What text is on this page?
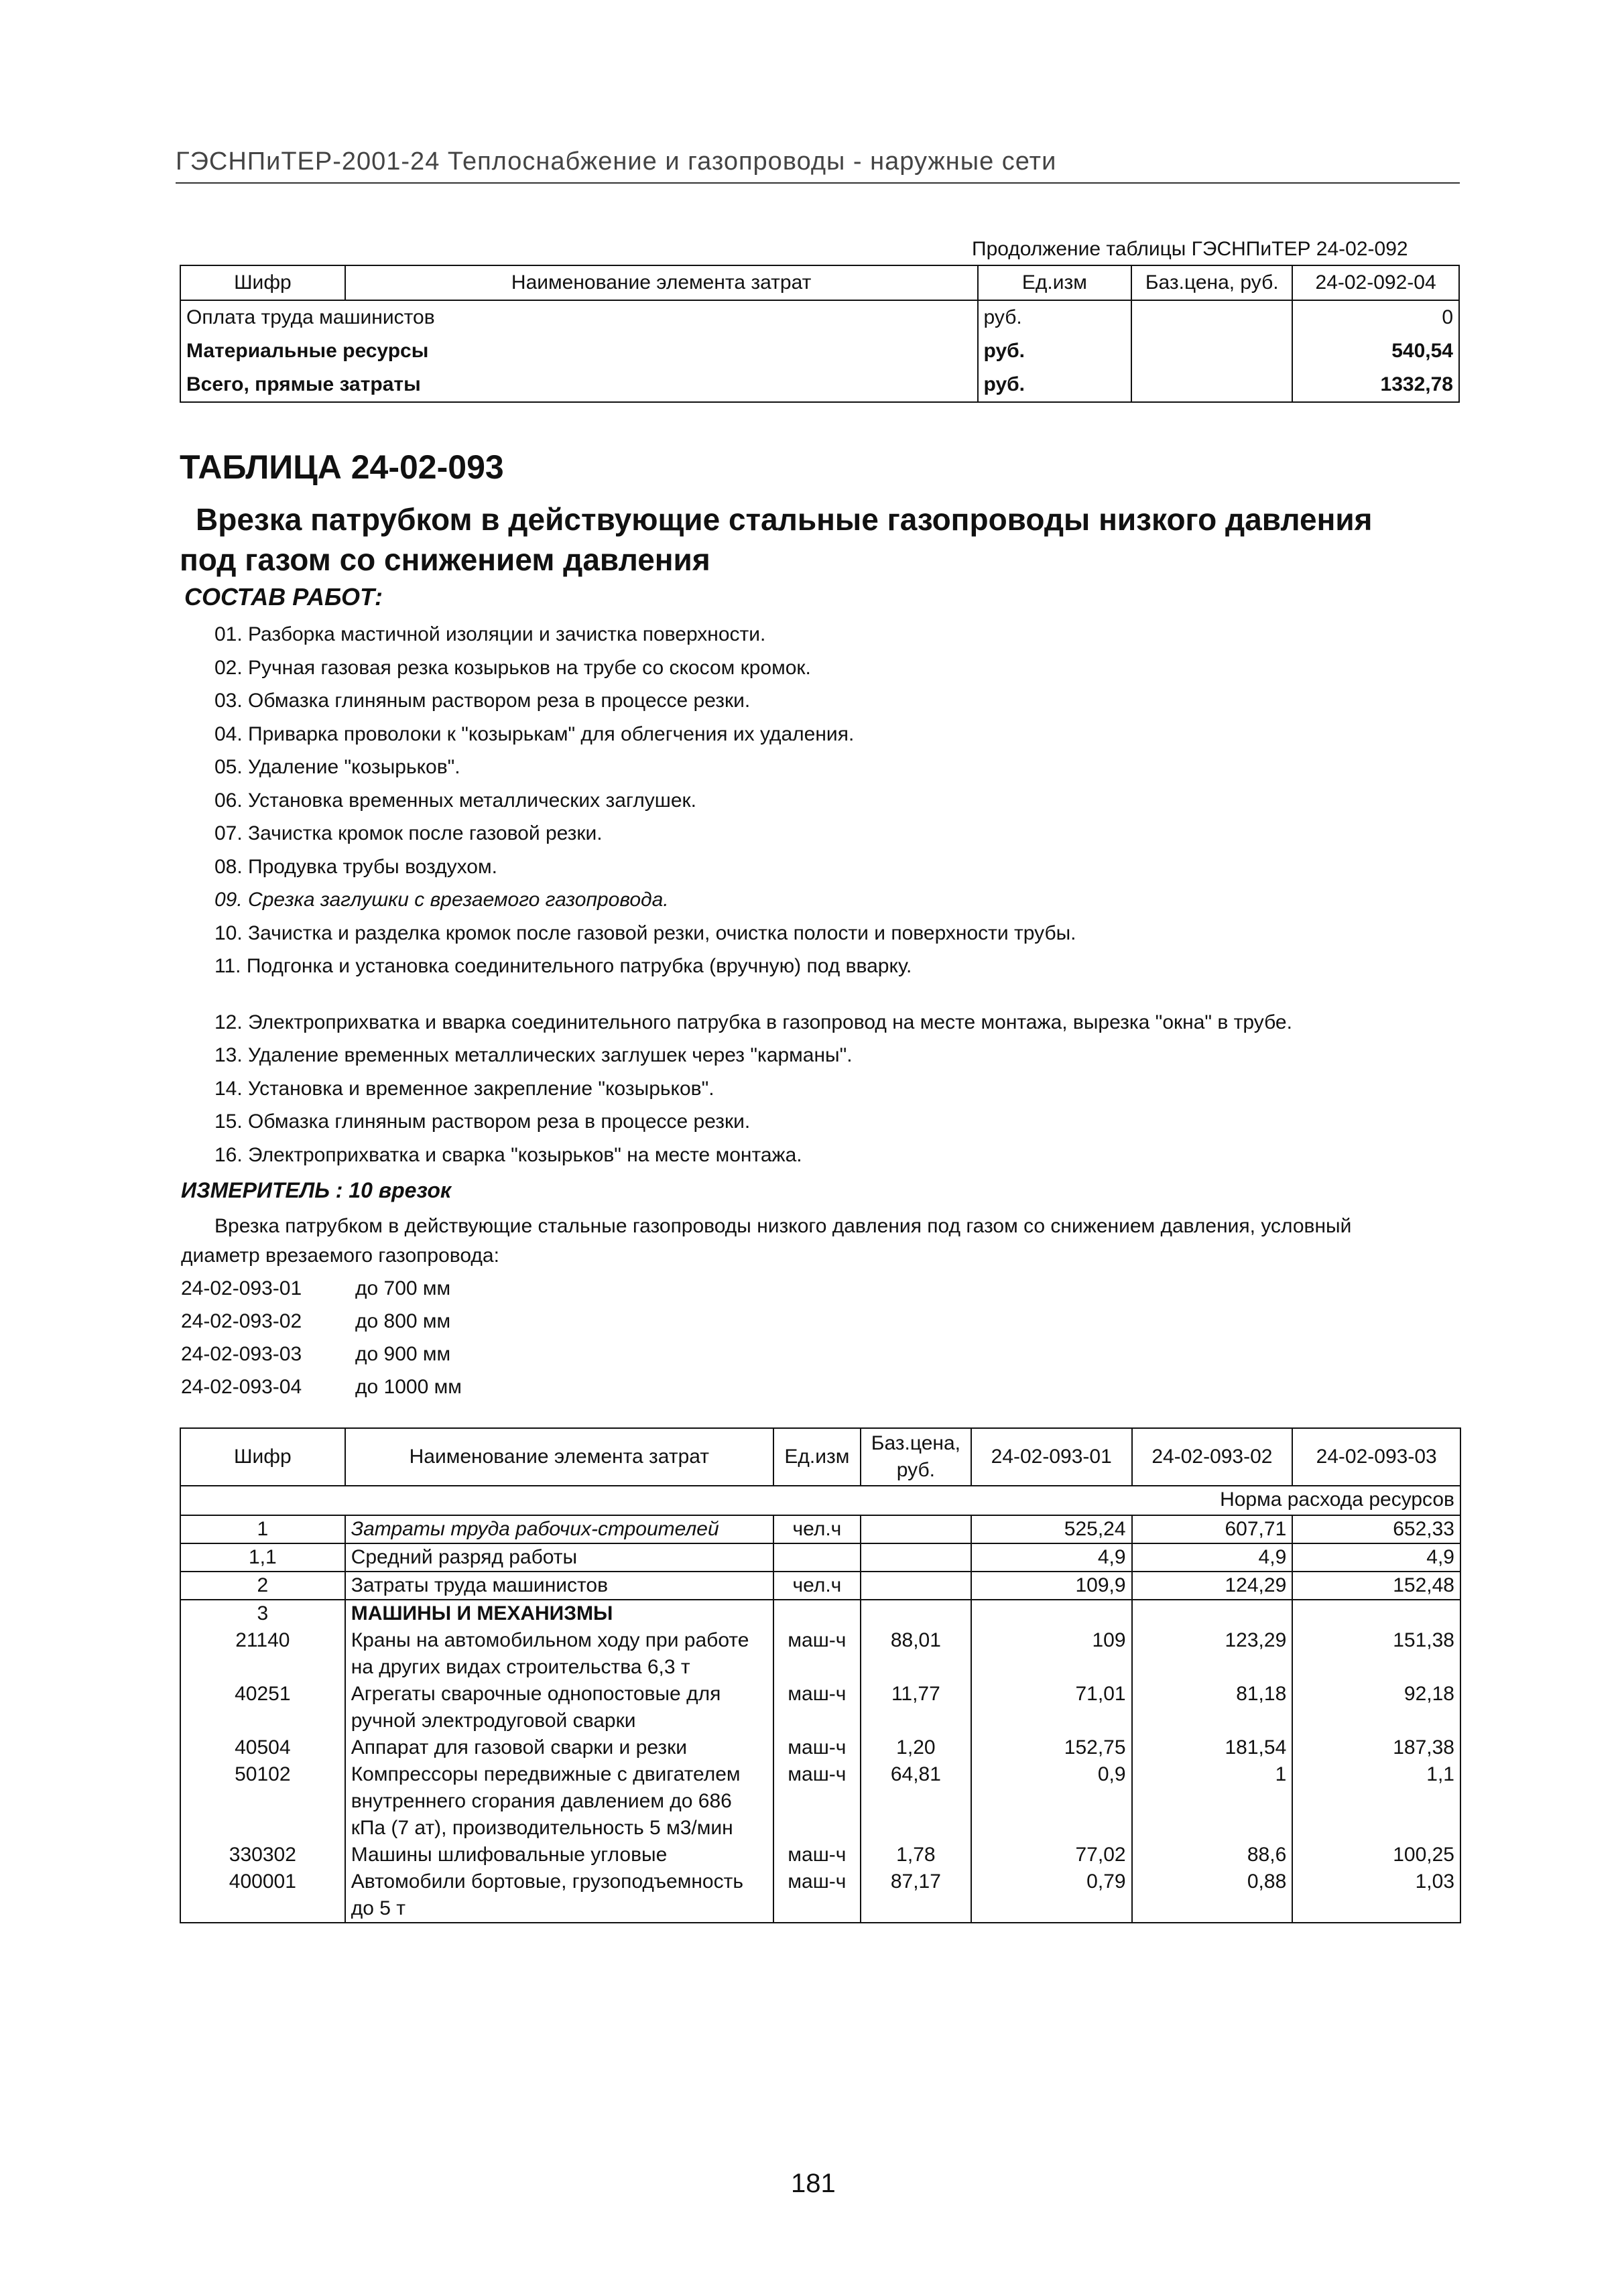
ГЭСНПиТЕР-2001-24 Теплоснабжение и газопроводы - наружные сети
Продолжение таблицы ГЭСНПиТЕР 24-02-092
Шифр	Наименование элемента затрат	Ед.изм	Баз.цена, руб.	24-02-092-04
Оплата труда машинистов		руб.		0
Материальные ресурсы		руб.		540,54
Всего, прямые затраты		руб.		1332,78
ТАБЛИЦА 24-02-093
Врезка патрубком в действующие стальные газопроводы низкого давления
под газом со снижением давления
СОСТАВ РАБОТ:
01. Разборка мастичной изоляции и зачистка поверхности.
02. Ручная газовая резка козырьков на трубе со скосом кромок.
03. Обмазка глиняным раствором реза в процессе резки.
04. Приварка проволоки к "козырькам" для облегчения их удаления.
05. Удаление "козырьков".
06. Установка временных металлических заглушек.
07. Зачистка кромок после газовой резки.
08. Продувка трубы воздухом.
09. Срезка заглушки с врезаемого газопровода.
10. Зачистка и разделка кромок после газовой резки, очистка полости и поверхности трубы.
11. Подгонка и установка соединительного патрубка (вручную) под вварку.
12. Электроприхватка и вварка соединительного патрубка в газопровод на месте монтажа, вырезка "окна" в трубе.
13. Удаление временных металлических заглушек через "карманы".
14. Установка и временное закрепление "козырьков".
15. Обмазка глиняным раствором реза в процессе резки.
16. Электроприхватка и сварка "козырьков" на месте монтажа.
ИЗМЕРИТЕЛЬ : 10 врезок
Врезка патрубком в действующие стальные газопроводы низкого давления под газом со снижением давления, условный
диаметр врезаемого газопровода:
24-02-093-01	до 700 мм
24-02-093-02	до 800 мм
24-02-093-03	до 900 мм
24-02-093-04	до 1000 мм
Шифр	Наименование элемента затрат	Ед.изм	Баз.цена, руб.	24-02-093-01	24-02-093-02	24-02-093-03
Норма расхода ресурсов						
1	Затраты труда рабочих-строителей	чел.ч		525,24	607,71	652,33
1,1	Средний разряд работы			4,9	4,9	4,9
2	Затраты труда машинистов	чел.ч		109,9	124,29	152,48
3	МАШИНЫ И МЕХАНИЗМЫ					
21140	Краны на автомобильном ходу при работе на других видах строительства 6,3 т	маш-ч	88,01	109	123,29	151,38
40251	Агрегаты сварочные однопостовые для ручной электродуговой сварки	маш-ч	11,77	71,01	81,18	92,18
40504	Аппарат для газовой сварки и резки	маш-ч	1,20	152,75	181,54	187,38
50102	Компрессоры передвижные с двигателем внутреннего сгорания давлением до 686 кПа (7 ат), производительность 5 м3/мин	маш-ч	64,81	0,9	1	1,1
330302	Машины шлифовальные угловые	маш-ч	1,78	77,02	88,6	100,25
400001	Автомобили бортовые, грузоподъемность до 5 т	маш-ч	87,17	0,79	0,88	1,03
181
